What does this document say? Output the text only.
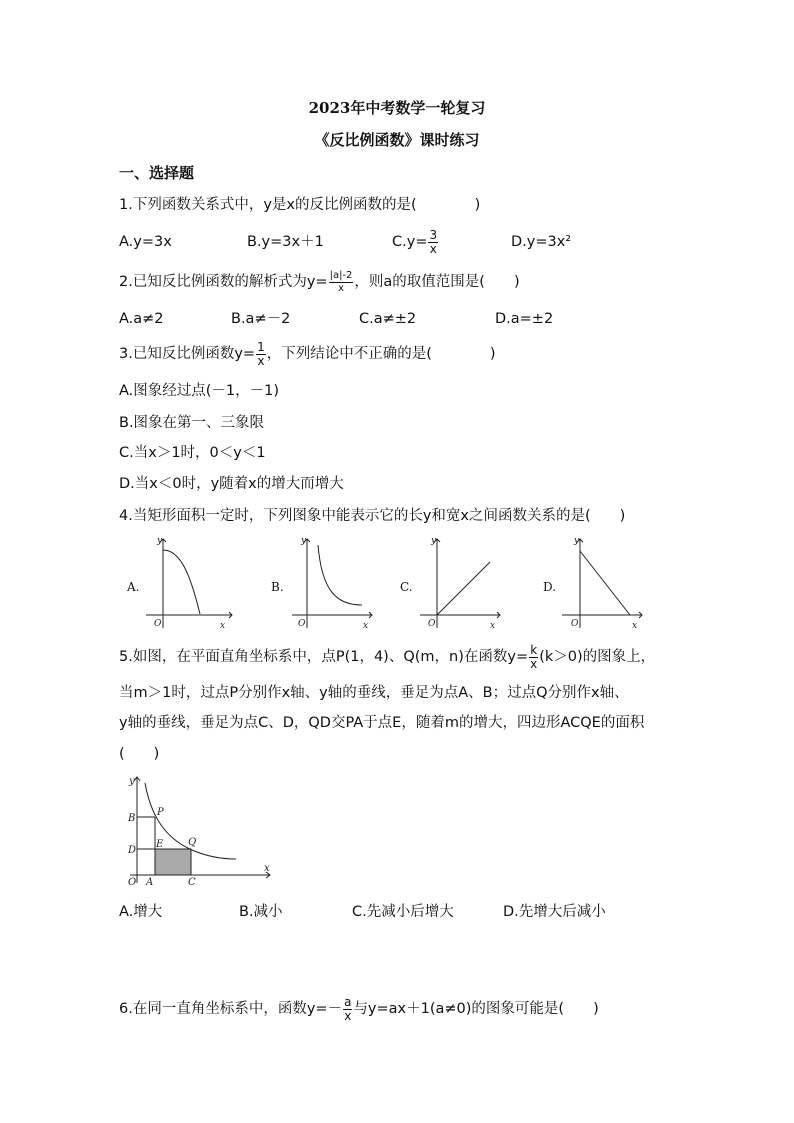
2023年中考数学一轮复习
《反比例函数》课时练习
一、选择题
1.下列函数关系式中，y是x的反比例函数的是(　　　　)
A.y=3x	B.y=3x＋1	$C.y= \frac{3}{x}$	D.y=3x²
2.已知反比例函数的解析式为$y= \frac{|a|-2}{x}$ ，则a的取值范围是(　　)
A.a≠2	B.a≠－2	C.a≠±2	D.a=±2
3.已知反比例函数$y= \frac{1}{x}$ ，下列结论中不正确的是(　　　　)
A.图象经过点(－1，－1)
B.图象在第一、三象限
C.当x＞1时，0＜y＜1
D.当x＜0时，y随着x的增大而增大
4.当矩形面积一定时，下列图象中能表示它的长y和宽x之间函数关系的是(　　)
y
x
O
y
x
O
y
x
O
y
x
O
A.	B.	C.	D.
5.如图，在平面直角坐标系中，点P(1，4)、Q(m，n)在函数$y= \frac{k}{x} (k>0)$的图象上，
当m＞1时，过点P分别作x轴、y轴的垂线，垂足为点A、B；过点Q分别作x轴、
y轴的垂线，垂足为点C、D，QD交PA于点E，随着m的增大，四边形ACQE的面积
(　　)
y
x
O A	C
B
D
E
P
Q
A.增大	B.减小	C.先减小后增大	D.先增大后减小
6.在同一直角坐标系中，函数$y=- \frac{a}{x}$ 与y=ax＋1(a≠0)的图象可能是(　　)
